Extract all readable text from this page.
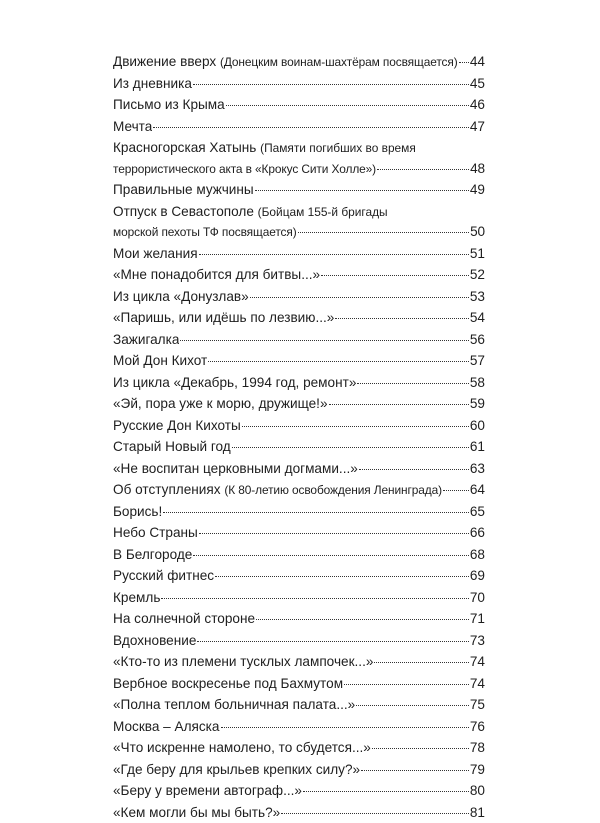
Движение вверх (Донецким воинам-шахтёрам посвящается) 44
Из дневника	45
Письмо из Крыма	46
Мечта	47
Красногорская Хатынь (Памяти погибших во время
террористического акта в «Крокус Сити Холле»)	48
Правильные мужчины	49
Отпуск в Севастополе (Бойцам 155-й бригады
морской пехоты ТФ посвящается)	50
Мои желания	51
«Мне понадобится для битвы...»	52
Из цикла «Донузлав»	53
«Паришь, или идёшь по лезвию...»	54
Зажигалка	56
Мой Дон Кихот	57
Из цикла «Декабрь, 1994 год, ремонт»	58
«Эй, пора уже к морю, дружище!»	59
Русские Дон Кихоты	60
Старый Новый год	61
«Не воспитан церковными догмами...»	63
Об отступлениях (К 80-летию освобождения Ленинграда) 64
Борись!	65
Небо Страны	66
В Белгороде	68
Русский фитнес	69
Кремль	70
На солнечной стороне	71
Вдохновение	73
«Кто-то из племени тусклых лампочек...»	74
Вербное воскресенье под Бахмутом	74
«Полна теплом больничная палата...»	75
Москва – Аляска	76
«Что искренне намолено, то сбудется...»	78
«Где беру для крыльев крепких силу?»	79
«Беру у времени автограф...»	80
«Кем могли бы мы быть?»	81
